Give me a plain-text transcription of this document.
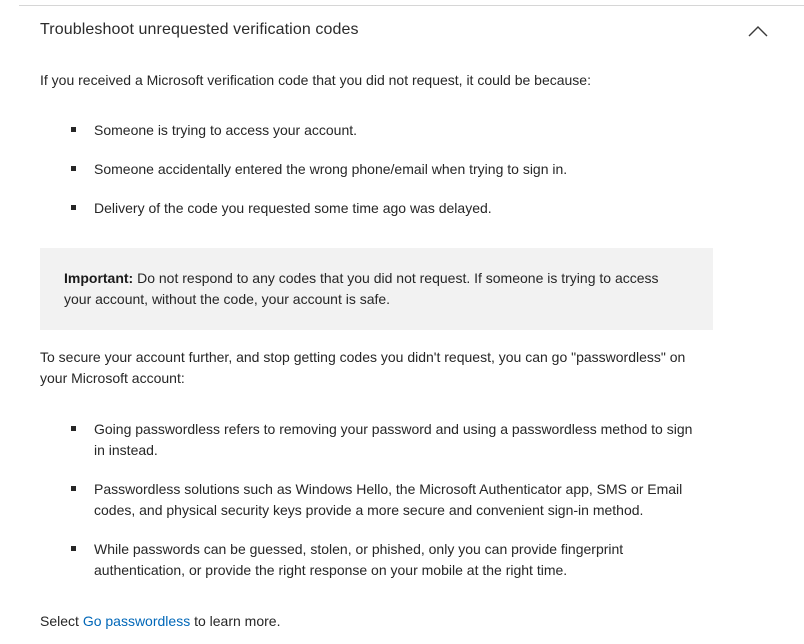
Troubleshoot unrequested verification codes

If you received a Microsoft verification code that you did not request, it could be because:

Someone is trying to access your account.
Someone accidentally entered the wrong phone/email when trying to sign in.
Delivery of the code you requested some time ago was delayed.

Important: Do not respond to any codes that you did not request. If someone is trying to access your account, without the code, your account is safe.

To secure your account further, and stop getting codes you didn't request, you can go "passwordless" on your Microsoft account:

Going passwordless refers to removing your password and using a passwordless method to sign in instead.
Passwordless solutions such as Windows Hello, the Microsoft Authenticator app, SMS or Email codes, and physical security keys provide a more secure and convenient sign-in method.
While passwords can be guessed, stolen, or phished, only you can provide fingerprint authentication, or provide the right response on your mobile at the right time.

Select Go passwordless to learn more.
